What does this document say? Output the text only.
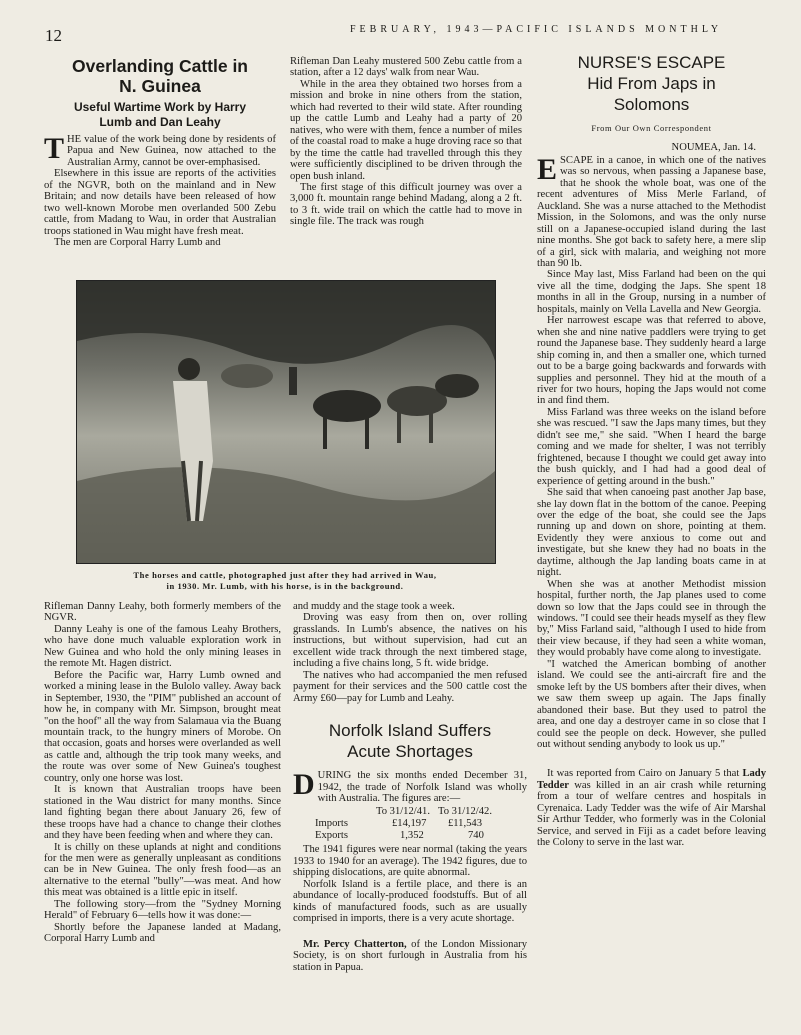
12	FEBRUARY, 1943—PACIFIC ISLANDS MONTHLY
Overlanding Cattle in
N. Guinea
Useful Wartime Work by Harry
Lumb and Dan Leahy

THE value of the work being done by residents of Papua and New Guinea, now attached to the Australian Army, cannot be over-emphasised.

Elsewhere in this issue are reports of the activities of the NGVR, both on the mainland and in New Britain; and now details have been released of how two well-known Morobe men overlanded 500 Zebu cattle, from Madang to Wau, in order that Australian troops stationed in Wau might have fresh meat.

The men are Corporal Harry Lumb and

Rifleman Dan Leahy mustered 500 Zebu cattle from a station, after a 12 days' walk from near Wau.

While in the area they obtained two horses from a mission and broke in nine others from the station, which had reverted to their wild state. After rounding up the cattle Lumb and Leahy had a party of 20 natives, who were with them, fence a number of miles of the coastal road to make a huge droving race so that by the time the cattle had travelled through this they were sufficiently disciplined to be driven through the open bush inland.

The first stage of this difficult journey was over a 3,000 ft. mountain range behind Madang, along a 2 ft. to 3 ft. wide trail on which the cattle had to move in single file. The track was rough

The horses and cattle, photographed just after they had arrived in Wau,
in 1930. Mr. Lumb, with his horse, is in the background.

Rifleman Danny Leahy, both formerly members of the NGVR.

Danny Leahy is one of the famous Leahy Brothers, who have done much valuable exploration work in New Guinea and who hold the only mining leases in the remote Mt. Hagen district.

Before the Pacific war, Harry Lumb owned and worked a mining lease in the Bulolo valley. Away back in September, 1930, the "PIM" published an account of how he, in company with Mr. Simpson, brought meat "on the hoof" all the way from Salamaua via the Buang mountain track, to the hungry miners of Morobe. On that occasion, goats and horses were overlanded as well as cattle and, although the trip took many weeks, and the route was over some of New Guinea's toughest country, only one horse was lost.

It is known that Australian troops have been stationed in the Wau district for many months. Since land fighting began there about January 26, few of these troops have had a chance to change their clothes and they have been feeding when and where they can.

It is chilly on these uplands at night and conditions for the men were as generally unpleasant as conditions can be in New Guinea. The only fresh food—as an alternative to the eternal "bully"—was meat. And how this meat was obtained is a little epic in itself.

The following story—from the "Sydney Morning Herald" of February 6—tells how it was done:—

Shortly before the Japanese landed at Madang, Corporal Harry Lumb and

and muddy and the stage took a week.

Droving was easy from then on, over rolling grasslands. In Lumb's absence, the natives on his instructions, but without supervision, had cut an excellent wide track through the next timbered stage, including a five chains long, 5 ft. wide bridge.

The natives who had accompanied the men refused payment for their services and the 500 cattle cost the Army £60—pay for Lumb and Leahy.

Norfolk Island Suffers
Acute Shortages

DURING the six months ended December 31, 1942, the trade of Norfolk Island was wholly with Australia. The figures are:—

	To 31/12/41.	To 31/12/42.
Imports	£14,197	£11,543
Exports	1,352	740

The 1941 figures were near normal (taking the years 1933 to 1940 for an average). The 1942 figures, due to shipping dislocations, are quite abnormal.

Norfolk Island is a fertile place, and there is an abundance of locally-produced foodstuffs. But of all kinds of manufactured foods, such as are usually comprised in imports, there is a very acute shortage.

Mr. Percy Chatterton, of the London Missionary Society, is on short furlough in Australia from his station in Papua.

NURSE'S ESCAPE
Hid From Japs in
Solomons
From Our Own Correspondent
NOUMEA, Jan. 14.

ESCAPE in a canoe, in which one of the natives was so nervous, when passing a Japanese base, that he shook the whole boat, was one of the recent adventures of Miss Merle Farland, of Auckland. She was a nurse attached to the Methodist Mission, in the Solomons, and was the only nurse still on a Japanese-occupied island during the last nine months. She got back to safety here, a mere slip of a girl, sick with malaria, and weighing not more than 90 lb.

Since May last, Miss Farland had been on the qui vive all the time, dodging the Japs. She spent 18 months in all in the Group, nursing in a number of hospitals, mainly on Vella Lavella and New Georgia.

Her narrowest escape was that referred to above, when she and nine native paddlers were trying to get round the Japanese base. They suddenly heard a large ship coming in, and then a smaller one, which turned out to be a barge going backwards and forwards with supplies and personnel. They hid at the mouth of a river for two hours, hoping the Japs would not come in and find them.

Miss Farland was three weeks on the island before she was rescued. "I saw the Japs many times, but they didn't see me," she said. "When I heard the barge coming and we made for shelter, I was not terribly frightened, because I thought we could get away into the bush quickly, and I had had a good deal of experience of getting around in the bush."

She said that when canoeing past another Jap base, she lay down flat in the bottom of the canoe. Peeping over the edge of the boat, she could see the Japs running up and down on shore, pointing at them. Evidently they were anxious to come out and investigate, but she knew they had no boats in the daytime, although the Jap landing boats came in at night.

When she was at another Methodist mission hospital, further north, the Jap planes used to come down so low that the Japs could see in through the windows. "I could see their heads myself as they flew by," Miss Farland said, "although I used to hide from their view because, if they had seen a white woman, they would probably have come along to investigate.

"I watched the American bombing of another island. We could see the anti-aircraft fire and the smoke left by the US bombers after their dives, when we saw them sweep up again. The Japs finally abandoned their base. But they used to patrol the area, and one day a destroyer came in so close that I could see the people on deck. However, she pulled out without sending anybody to look us up."

It was reported from Cairo on January 5 that Lady Tedder was killed in an air crash while returning from a tour of welfare centres and hospitals in Cyrenaica. Lady Tedder was the wife of Air Marshal Sir Arthur Tedder, who formerly was in the Colonial Service, and served in Fiji as a cadet before leaving the Colony to serve in the last war.
